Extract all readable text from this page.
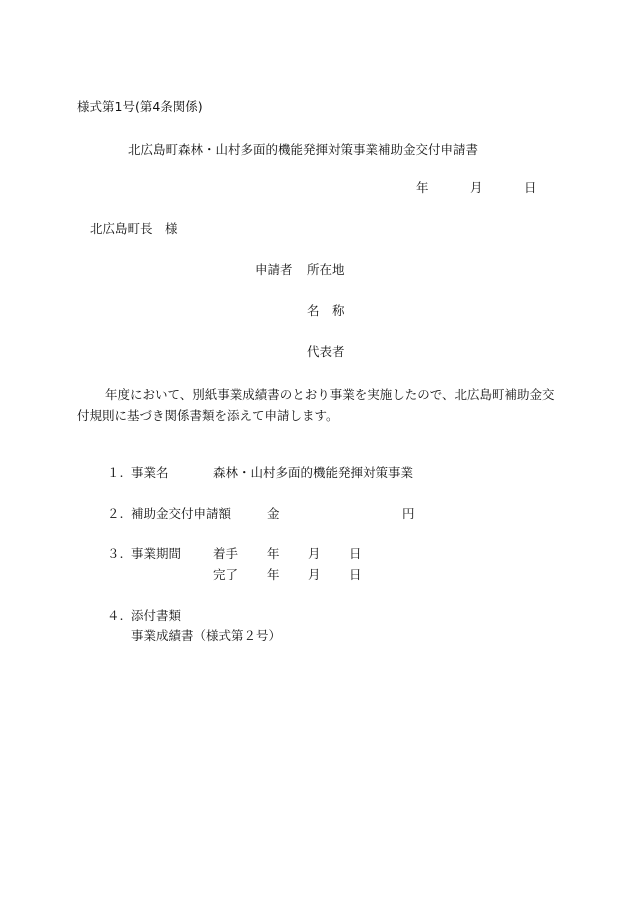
様式第1号(第4条関係)
北広島町森林・山村多面的機能発揮対策事業補助金交付申請書
年	月	日
北広島町長　様
申請者 所在地
名　称
代表者
年度において、別紙事業成績書のとおり事業を実施したので、北広島町補助金交付規則に基づき関係書類を添えて申請します。
１. 事業名	森林・山村多面的機能発揮対策事業
２. 補助金交付申請額	金	円
３. 事業期間	着手 年 月 日
完了 年 月 日
４. 添付書類
事業成績書（様式第２号）
